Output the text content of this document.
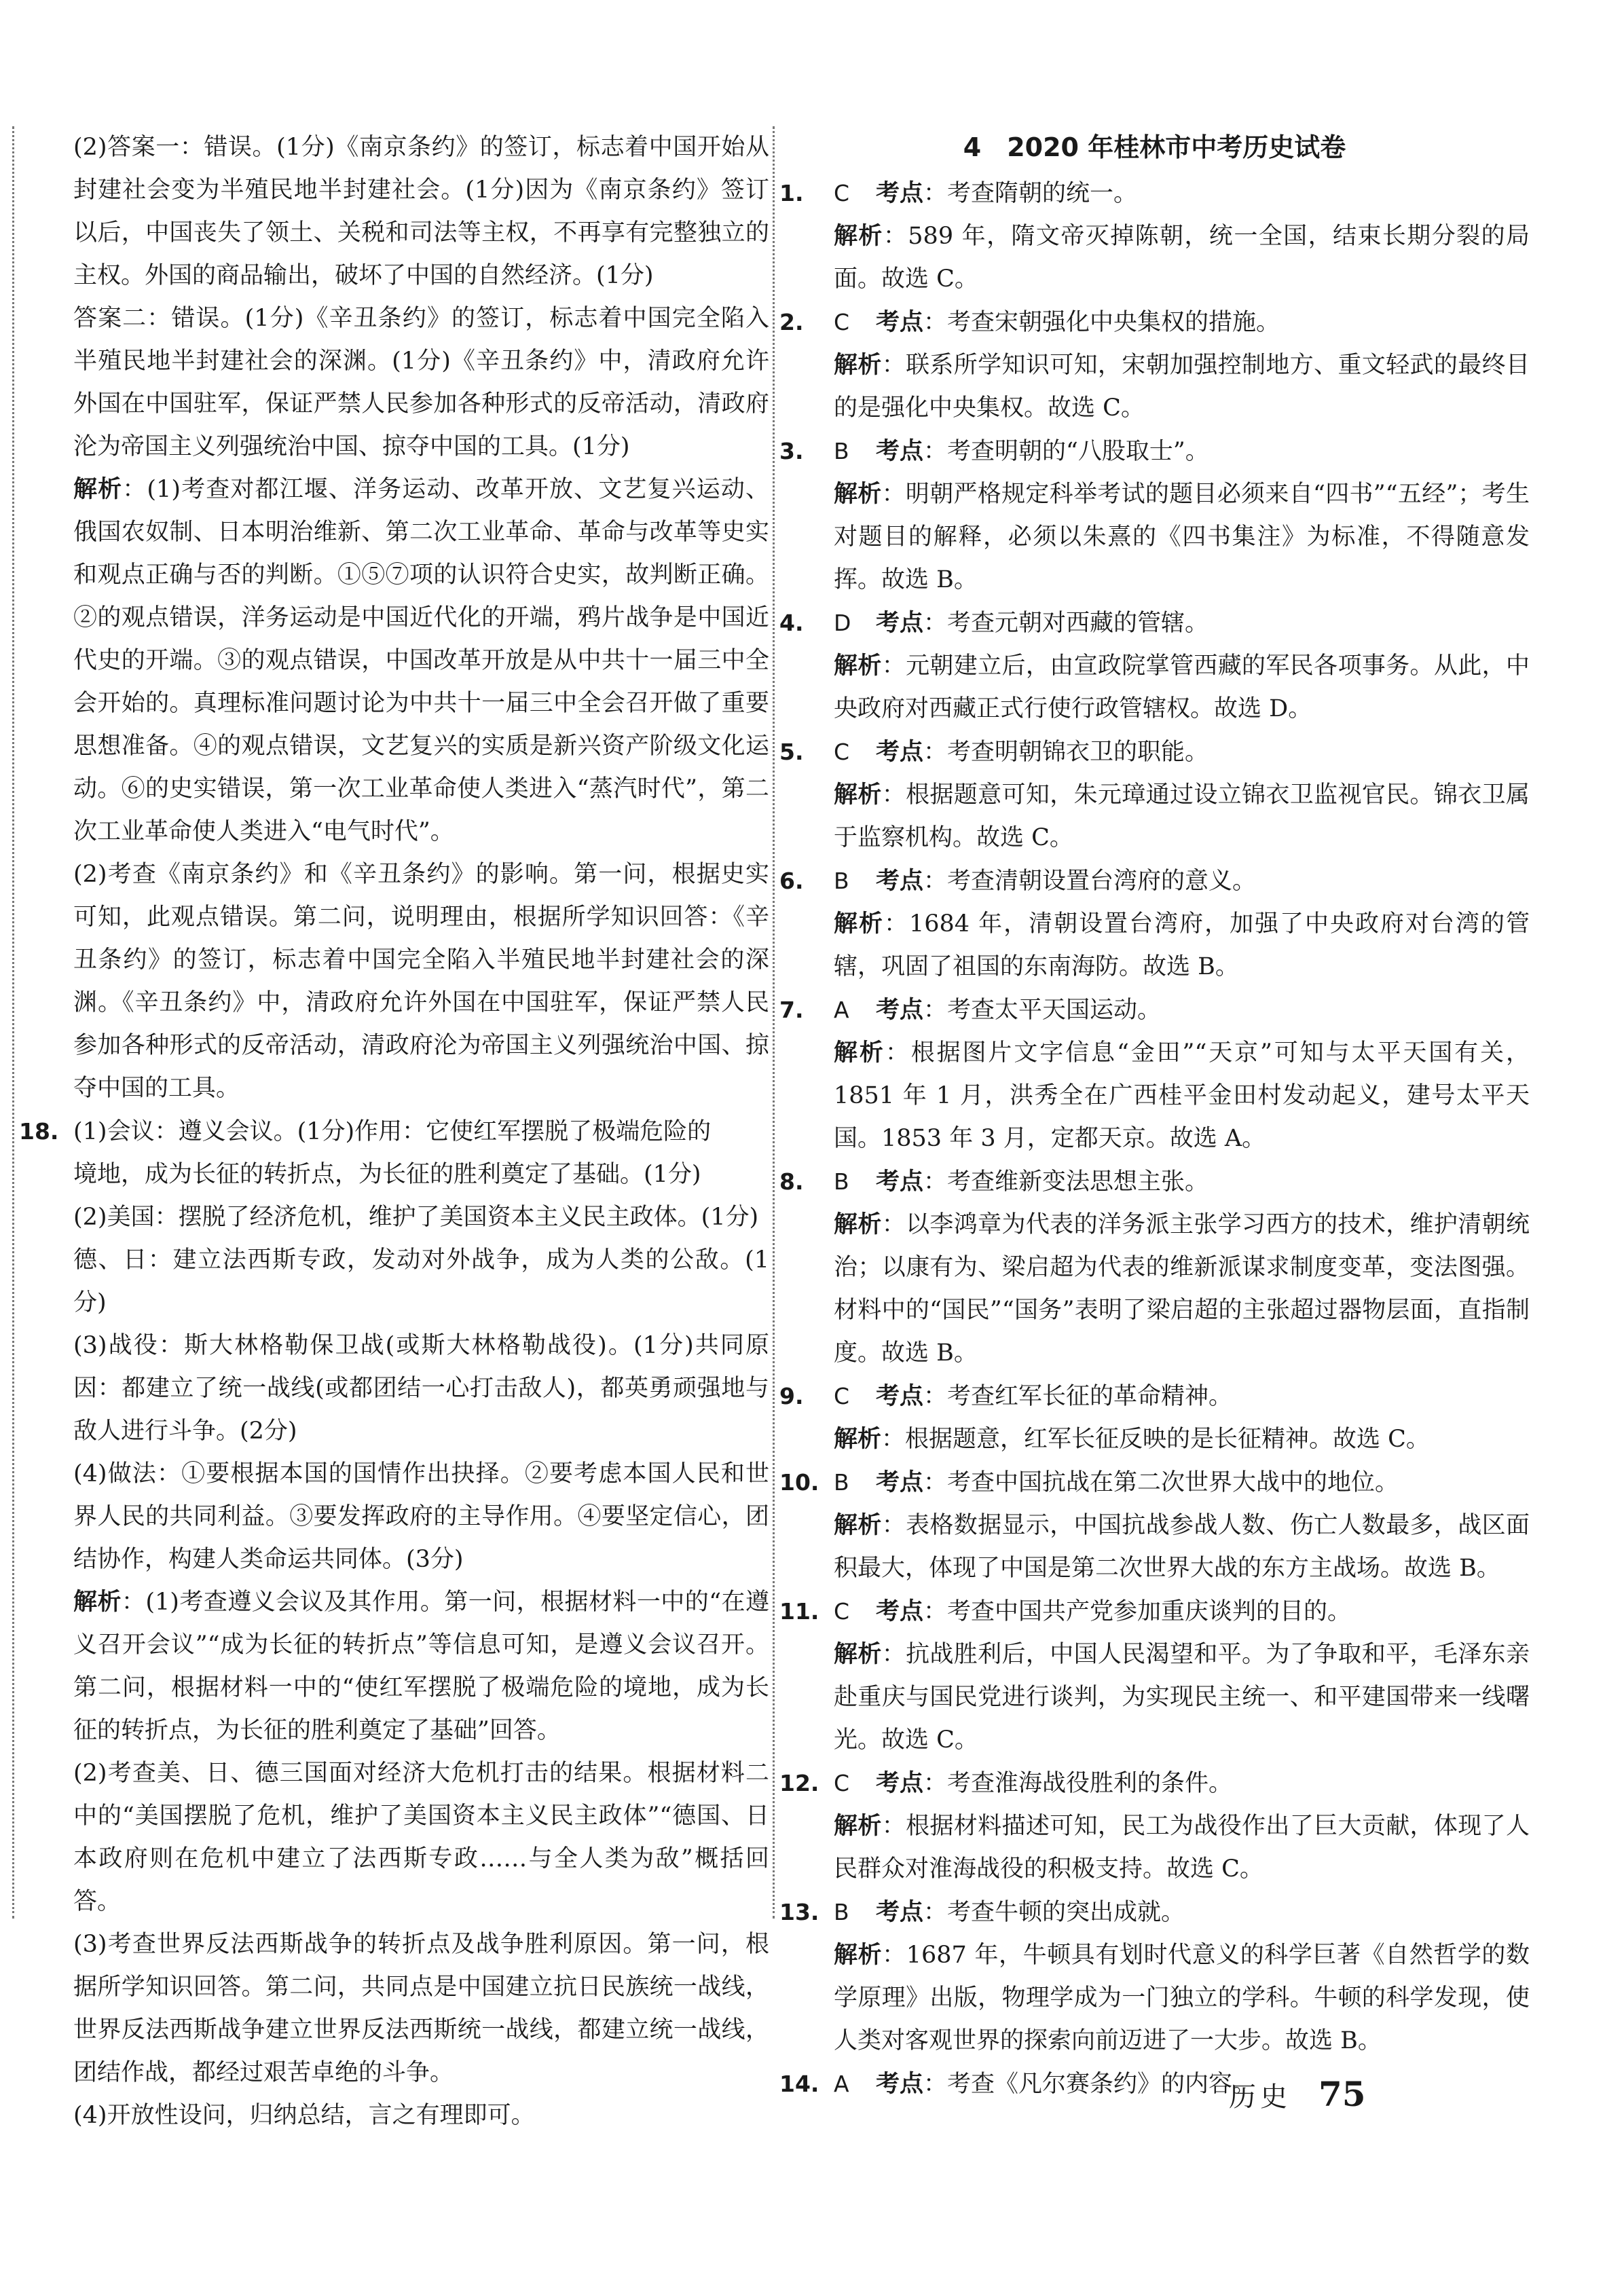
(2)答案一：错误。(1分)《南京条约》的签订，标志着中国开始从封建社会变为半殖民地半封建社会。(1分)因为《南京条约》签订以后，中国丧失了领土、关税和司法等主权，不再享有完整独立的主权。外国的商品输出，破坏了中国的自然经济。(1分)

答案二：错误。(1分)《辛丑条约》的签订，标志着中国完全陷入半殖民地半封建社会的深渊。(1分)《辛丑条约》中，清政府允许外国在中国驻军，保证严禁人民参加各种形式的反帝活动，清政府沦为帝国主义列强统治中国、掠夺中国的工具。(1分)

解析：(1)考查对都江堰、洋务运动、改革开放、文艺复兴运动、俄国农奴制、日本明治维新、第二次工业革命、革命与改革等史实和观点正确与否的判断。①⑤⑦项的认识符合史实，故判断正确。②的观点错误，洋务运动是中国近代化的开端，鸦片战争是中国近代史的开端。③的观点错误，中国改革开放是从中共十一届三中全会开始的。真理标准问题讨论为中共十一届三中全会召开做了重要思想准备。④的观点错误，文艺复兴的实质是新兴资产阶级文化运动。⑥的史实错误，第一次工业革命使人类进入“蒸汽时代”，第二次工业革命使人类进入“电气时代”。

(2)考查《南京条约》和《辛丑条约》的影响。第一问，根据史实可知，此观点错误。第二问，说明理由，根据所学知识回答：《辛丑条约》的签订，标志着中国完全陷入半殖民地半封建社会的深渊。《辛丑条约》中，清政府允许外国在中国驻军，保证严禁人民参加各种形式的反帝活动，清政府沦为帝国主义列强统治中国、掠夺中国的工具。

18. (1)会议：遵义会议。(1分)作用：它使红军摆脱了极端危险的

境地，成为长征的转折点，为长征的胜利奠定了基础。(1分)

(2)美国：摆脱了经济危机，维护了美国资本主义民主政体。(1分)

德、日：建立法西斯专政，发动对外战争，成为人类的公敌。(1分)

(3)战役：斯大林格勒保卫战(或斯大林格勒战役)。(1分)共同原因：都建立了统一战线(或都团结一心打击敌人)，都英勇顽强地与敌人进行斗争。(2分)

(4)做法：①要根据本国的国情作出抉择。②要考虑本国人民和世界人民的共同利益。③要发挥政府的主导作用。④要坚定信心，团结协作，构建人类命运共同体。(3分)

解析：(1)考查遵义会议及其作用。第一问，根据材料一中的“在遵义召开会议”“成为长征的转折点”等信息可知，是遵义会议召开。第二问，根据材料一中的“使红军摆脱了极端危险的境地，成为长征的转折点，为长征的胜利奠定了基础”回答。

(2)考查美、日、德三国面对经济大危机打击的结果。根据材料二中的“美国摆脱了危机，维护了美国资本主义民主政体”“德国、日本政府则在危机中建立了法西斯专政……与全人类为敌”概括回答。

(3)考查世界反法西斯战争的转折点及战争胜利原因。第一问，根据所学知识回答。第二问，共同点是中国建立抗日民族统一战线，世界反法西斯战争建立世界反法西斯统一战线，都建立统一战线，团结作战，都经过艰苦卓绝的斗争。

(4)开放性设问，归纳总结，言之有理即可。

4　2020 年桂林市中考历史试卷

1.	C	考点 ：考查隋朝的统一。

解析：589 年，隋文帝灭掉陈朝，统一全国，结束长期分裂的局面。故选 C。

2.	C	考点 ：考查宋朝强化中央集权的措施。

解析：联系所学知识可知，宋朝加强控制地方、重文轻武的最终目的是强化中央集权。故选 C。

3.	B	考点 ：考查明朝的“八股取士”。

解析：明朝严格规定科举考试的题目必须来自“四书”“五经”；考生对题目的解释，必须以朱熹的《四书集注》为标准，不得随意发挥。故选 B。

4.	D	考点 ：考查元朝对西藏的管辖。

解析：元朝建立后，由宣政院掌管西藏的军民各项事务。从此，中央政府对西藏正式行使行政管辖权。故选 D。

5.	C	考点 ：考查明朝锦衣卫的职能。

解析：根据题意可知，朱元璋通过设立锦衣卫监视官民。锦衣卫属于监察机构。故选 C。

6.	B	考点 ：考查清朝设置台湾府的意义。

解析：1684 年，清朝设置台湾府，加强了中央政府对台湾的管辖，巩固了祖国的东南海防。故选 B。

7.	A	考点 ：考查太平天国运动。

解析：根据图片文字信息“金田”“天京”可知与太平天国有关，1851 年 1 月，洪秀全在广西桂平金田村发动起义，建号太平天国。1853 年 3 月，定都天京。故选 A。

8.	B	考点 ：考查维新变法思想主张。

解析：以李鸿章为代表的洋务派主张学习西方的技术，维护清朝统治；以康有为、梁启超为代表的维新派谋求制度变革，变法图强。材料中的“国民”“国务”表明了梁启超的主张超过器物层面，直指制度。故选 B。

9.	C	考点 ：考查红军长征的革命精神。

解析：根据题意，红军长征反映的是长征精神。故选 C。

10. B	考点 ：考查中国抗战在第二次世界大战中的地位。

解析：表格数据显示，中国抗战参战人数、伤亡人数最多，战区面积最大，体现了中国是第二次世界大战的东方主战场。故选 B。

11. C	考点 ：考查中国共产党参加重庆谈判的目的。

解析：抗战胜利后，中国人民渴望和平。为了争取和平，毛泽东亲赴重庆与国民党进行谈判，为实现民主统一、和平建国带来一线曙光。故选 C。

12. C	考点 ：考查淮海战役胜利的条件。

解析：根据材料描述可知，民工为战役作出了巨大贡献，体现了人民群众对淮海战役的积极支持。故选 C。

13. B	考点 ：考查牛顿的突出成就。

解析：1687 年，牛顿具有划时代意义的科学巨著《自然哲学的数学原理》出版，物理学成为一门独立的学科。牛顿的科学发现，使人类对客观世界的探索向前迈进了一大步。故选 B。

14. A	考点 ：考查《凡尔赛条约》的内容。

历史 75
